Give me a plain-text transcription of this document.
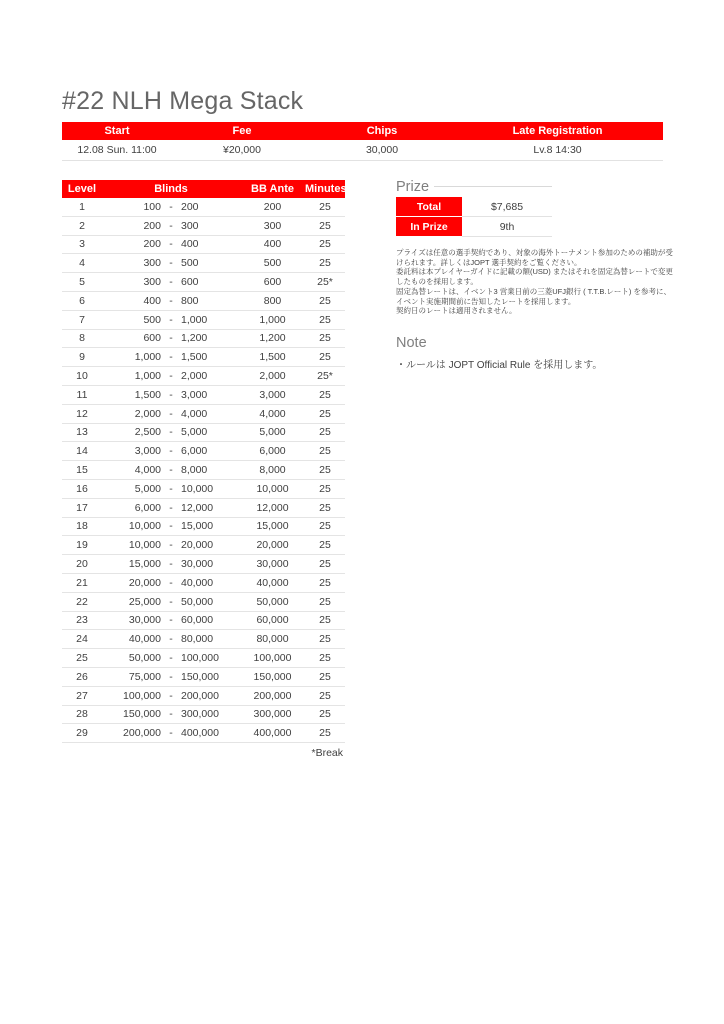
#22 NLH Mega Stack
Start	Fee	Chips	Late Registration
12.08 Sun. 11:00	¥20,000	30,000	Lv.8 14:30
Level	Blinds	BB Ante	Minutes
1	100 - 200	200	25
2	200 - 300	300	25
3	200 - 400	400	25
4	300 - 500	500	25
5	300 - 600	600	25*
6	400 - 800	800	25
7	500 - 1,000	1,000	25
8	600 - 1,200	1,200	25
9	1,000 - 1,500	1,500	25
10	1,000 - 2,000	2,000	25*
11	1,500 - 3,000	3,000	25
12	2,000 - 4,000	4,000	25
13	2,500 - 5,000	5,000	25
14	3,000 - 6,000	6,000	25
15	4,000 - 8,000	8,000	25
16	5,000 - 10,000	10,000	25
17	6,000 - 12,000	12,000	25
18	10,000 - 15,000	15,000	25
19	10,000 - 20,000	20,000	25
20	15,000 - 30,000	30,000	25
21	20,000 - 40,000	40,000	25
22	25,000 - 50,000	50,000	25
23	30,000 - 60,000	60,000	25
24	40,000 - 80,000	80,000	25
25	50,000 - 100,000	100,000	25
26	75,000 - 150,000	150,000	25
27	100,000 - 200,000	200,000	25
28	150,000 - 300,000	300,000	25
29	200,000 - 400,000	400,000	25
*Break
Prize
Total	$7,685
In Prize	9th

プライズは任意の選手契約であり、対象の海外トーナメント参加のための補助が受けられます。詳しくはJOPT 選手契約をご覧ください。

委託料は本プレイヤーガイドに記載の額(USD) またはそれを固定為替レートで変更したものを採用します。

固定為替レートは、イベント3 営業日前の三菱UFJ銀行 ( T.T.B.レート) を参考に、イベント実施期間前に告知したレートを採用します。

契約日のレートは適用されません。

Note
・ルールは JOPT Official Rule を採用します。
